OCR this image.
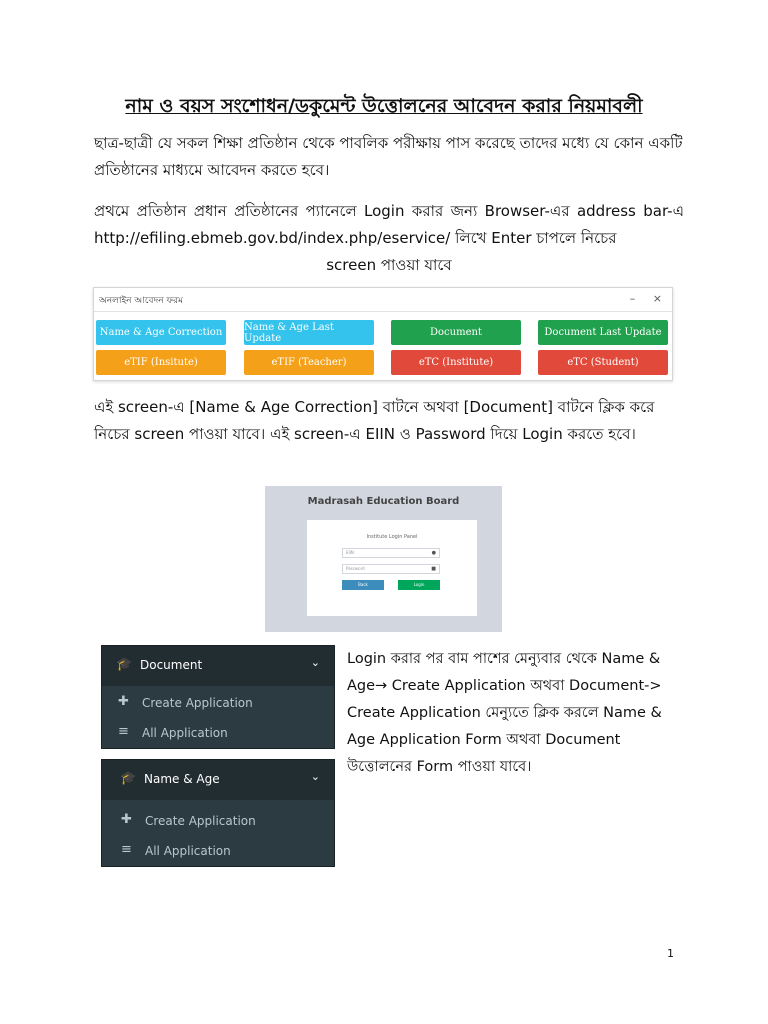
নাম ও বয়স সংশোধন/ডকুমেন্ট উত্তোলনের আবেদন করার নিয়মাবলী
ছাত্র-ছাত্রী যে সকল শিক্ষা প্রতিষ্ঠান থেকে পাবলিক পরীক্ষায় পাস করেছে তাদের মধ্যে যে কোন একটি প্রতিষ্ঠানের মাধ্যমে আবেদন করতে হবে।
প্রথমে প্রতিষ্ঠান প্রধান প্রতিষ্ঠানের প্যানেলে Login করার জন্য Browser-এর address bar-এ http://efiling.ebmeb.gov.bd/index.php/eservice/ লিখে Enter চাপলে নিচের
screen পাওয়া যাবে
অনলাইন আবেদন ফরম	– ×
Name & Age Correction	Name & Age Last Update	Document	Document Last Update
eTIF (Insitute)	eTIF (Teacher)	eTC (Institute)	eTC (Student)
এই screen-এ [Name & Age Correction] বাটনে অথবা [Document] বাটনে ক্লিক করে নিচের screen পাওয়া যাবে। এই screen-এ EIIN ও Password দিয়ে Login করতে হবে।
Madrasah Education Board
Institute Login Panel
EIIN	●
Password	■
Back	Login
🎓 Document	⌄
✚ Create Application
≡ All Application
🎓 Name & Age	⌄
✚ Create Application
≡ All Application
Login করার পর বাম পাশের মেন্যুবার থেকে Name & Age→ Create Application অথবা Document-> Create Application মেন্যুতে ক্লিক করলে Name & Age Application Form অথবা Document উত্তোলনের Form পাওয়া যাবে।
1
